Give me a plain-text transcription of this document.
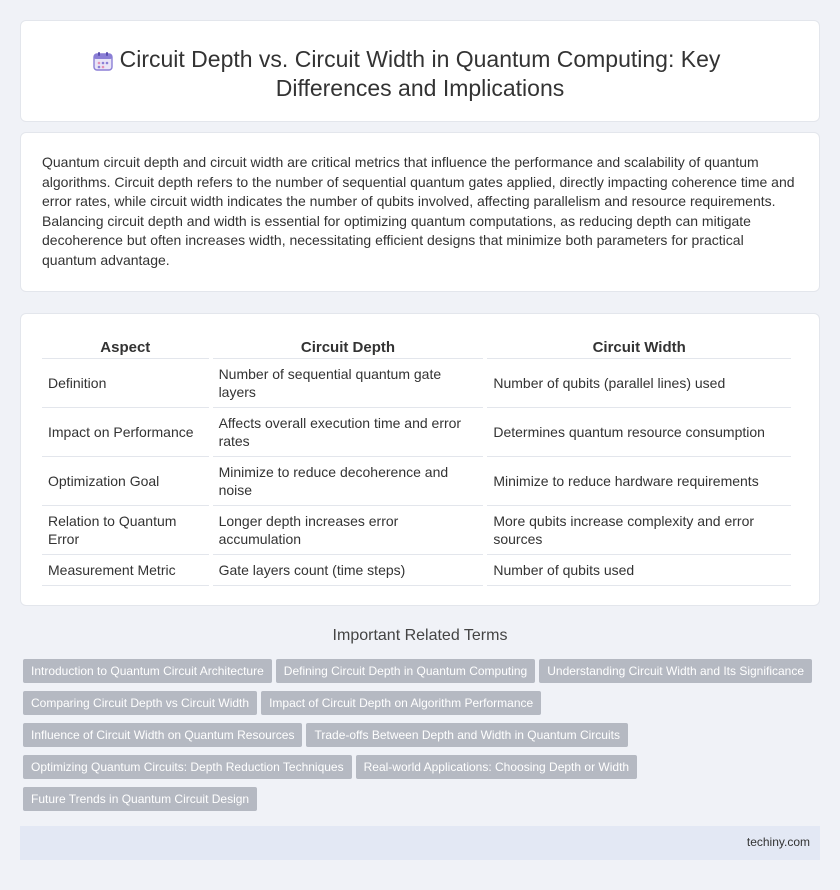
Circuit Depth vs. Circuit Width in Quantum Computing: Key Differences and Implications
Quantum circuit depth and circuit width are critical metrics that influence the performance and scalability of quantum algorithms. Circuit depth refers to the number of sequential quantum gates applied, directly impacting coherence time and error rates, while circuit width indicates the number of qubits involved, affecting parallelism and resource requirements. Balancing circuit depth and width is essential for optimizing quantum computations, as reducing depth can mitigate decoherence but often increases width, necessitating efficient designs that minimize both parameters for practical quantum advantage.
Aspect	Circuit Depth	Circuit Width
Definition	Number of sequential quantum gate layers	Number of qubits (parallel lines) used
Impact on Performance	Affects overall execution time and error rates	Determines quantum resource consumption
Optimization Goal	Minimize to reduce decoherence and noise	Minimize to reduce hardware requirements
Relation to Quantum Error	Longer depth increases error accumulation	More qubits increase complexity and error sources
Measurement Metric	Gate layers count (time steps)	Number of qubits used
Important Related Terms
Introduction to Quantum Circuit Architecture Defining Circuit Depth in Quantum Computing Understanding Circuit Width and Its Significance
Comparing Circuit Depth vs Circuit Width Impact of Circuit Depth on Algorithm Performance
Influence of Circuit Width on Quantum Resources Trade-offs Between Depth and Width in Quantum Circuits
Optimizing Quantum Circuits: Depth Reduction Techniques Real-world Applications: Choosing Depth or Width
Future Trends in Quantum Circuit Design
techiny.com
